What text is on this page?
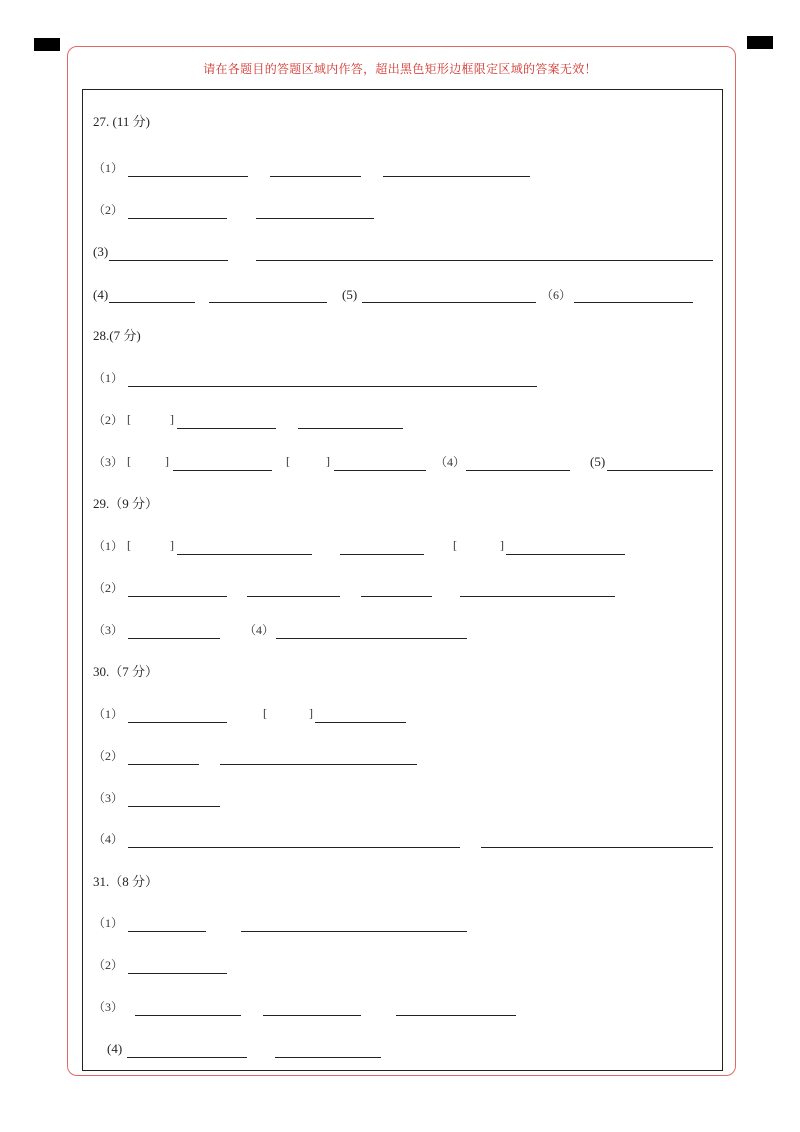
请在各题目的答题区域内作答，超出黑色矩形边框限定区域的答案无效！
27. (11 分)
（1）
（2）
(3)
(4)	(5)	（6）
28.(7 分)
（1）
（2） [	]
（3） [	]	[	]	（4）	(5)
29.（9 分）
（1） [	]	[	]
（2）
（3）	（4）
30.（7 分）
（1）	[	]
（2）
（3）
（4）
31.（8 分）
（1）
（2）
（3）
(4)
